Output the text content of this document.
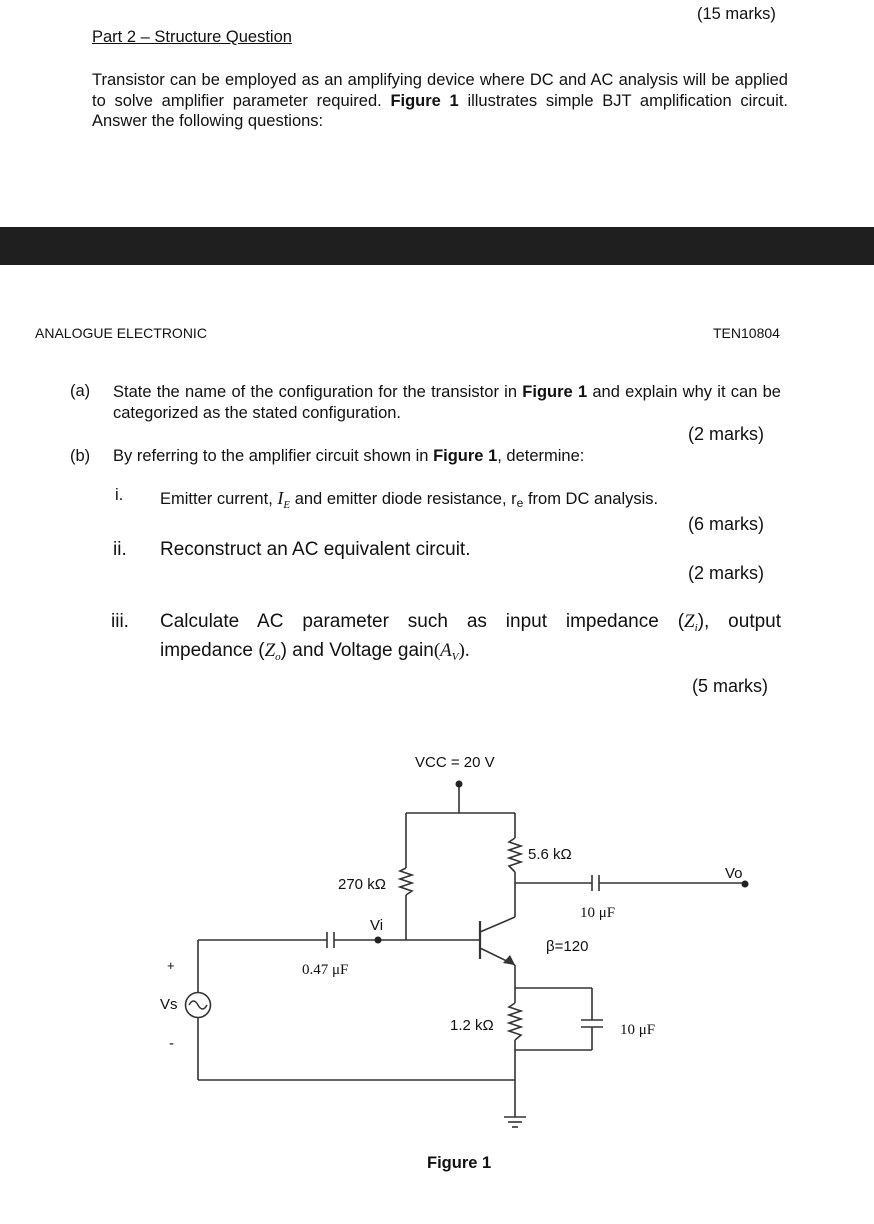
(15 marks)
Part 2 – Structure Question
Transistor can be employed as an amplifying device where DC and AC analysis will be applied to solve amplifier parameter required. Figure 1 illustrates simple BJT amplification circuit. Answer the following questions:
ANALOGUE ELECTRONIC	TEN10804
(a) State the name of the configuration for the transistor in Figure 1 and explain why it can be categorized as the stated configuration.
(2 marks)
(b) By referring to the amplifier circuit shown in Figure 1, determine:
i. Emitter current, $I_E$ and emitter diode resistance, $r_e$ from DC analysis.
(6 marks)
ii. Reconstruct an AC equivalent circuit.
(2 marks)
iii. Calculate AC parameter such as input impedance $(Z_i)$, output
impedance $(Z_o)$ and Voltage $gain(A_V)$.
(5 marks)
VCC = 20 V
5.6 kΩ
270 kΩ
Vo
10 μF
Vi
β=120
+	0.47 μF
Vs
-
1.2 kΩ	10 μF
Figure 1
